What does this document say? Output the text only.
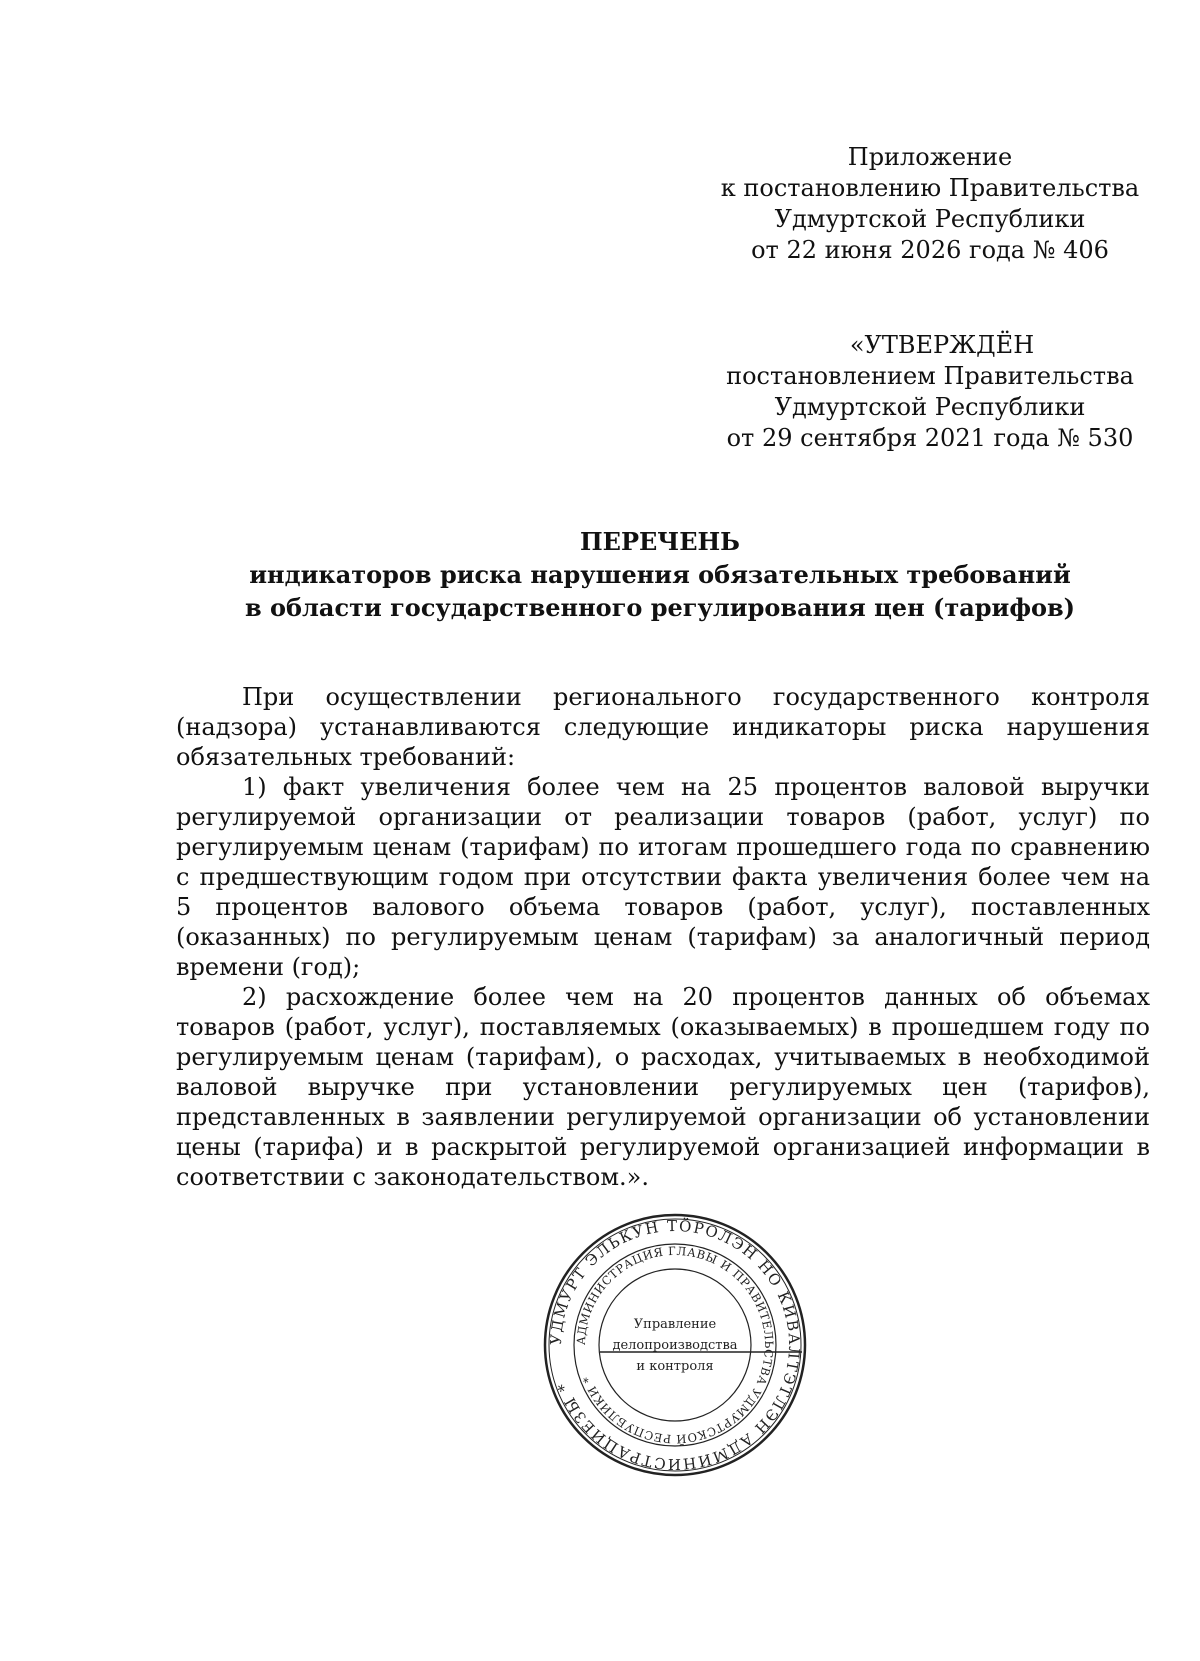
Приложение
к постановлению Правительства
Удмуртской Республики
от 22 июня 2026 года № 406
«УТВЕРЖДЁН
постановлением Правительства
Удмуртской Республики
от 29 сентября 2021 года № 530
ПЕРЕЧЕНЬ
индикаторов риска нарушения обязательных требований
в области государственного регулирования цен (тарифов)

При осуществлении регионального государственного контроля (надзора) устанавливаются следующие индикаторы риска нарушения обязательных требований:

1) факт увеличения более чем на 25 процентов валовой выручки регулируемой организации от реализации товаров (работ, услуг) по регулируемым ценам (тарифам) по итогам прошедшего года по сравнению с предшествующим годом при отсутствии факта увеличения более чем на 5 процентов валового объема товаров (работ, услуг), поставленных (оказанных) по регулируемым ценам (тарифам) за аналогичный период времени (год);

2) расхождение более чем на 20 процентов данных об объемах товаров (работ, услуг), поставляемых (оказываемых) в прошедшем году по регулируемым ценам (тарифам), о расходах, учитываемых в необходимой валовой выручке при установлении регулируемых цен (тарифов), представленных в заявлении регулируемой организации об установлении цены (тарифа) и в раскрытой регулируемой организацией информации в соответствии с законодательством.».

УДМУРТ ЭЛЬКУН ТӦРОЛЭН НО КИВАЛТЭТЛЭН АДМИНИСТРАЦИЕЗЫ *
АДМИНИСТРАЦИЯ ГЛАВЫ И ПРАВИТЕЛЬСТВА УДМУРТСКОЙ РЕСПУБЛИКИ *
Управление
делопроизводства
и контроля
